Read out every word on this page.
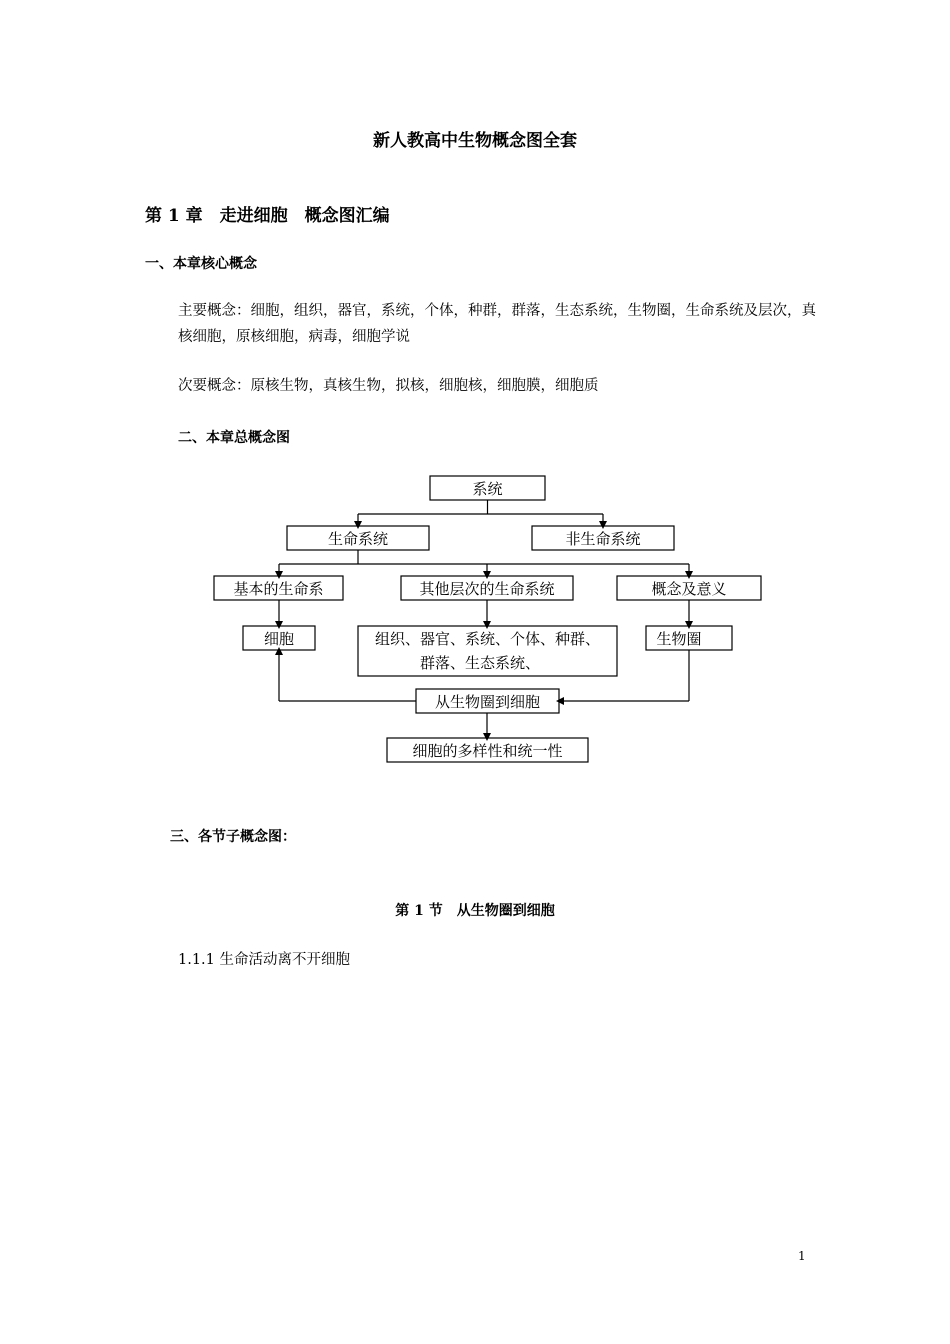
新人教高中生物概念图全套
第 1 章　走进细胞　概念图汇编
一、本章核心概念
主要概念：细胞，组织，器官，系统，个体，种群，群落，生态系统，生物圈，生命系统及层次，真核细胞，原核细胞，病毒，细胞学说
次要概念：原核生物，真核生物，拟核，细胞核，细胞膜，细胞质
二、本章总概念图
系统
生命系统	非生命系统
基本的生命系	其他层次的生命系统	概念及意义
细胞	组织、器官、系统、个体、种群、
群落、生态系统、
生物圈
从生物圈到细胞
细胞的多样性和统一性
三、各节子概念图：
第 1 节　从生物圈到细胞
1.1.1 生命活动离不开细胞
1
